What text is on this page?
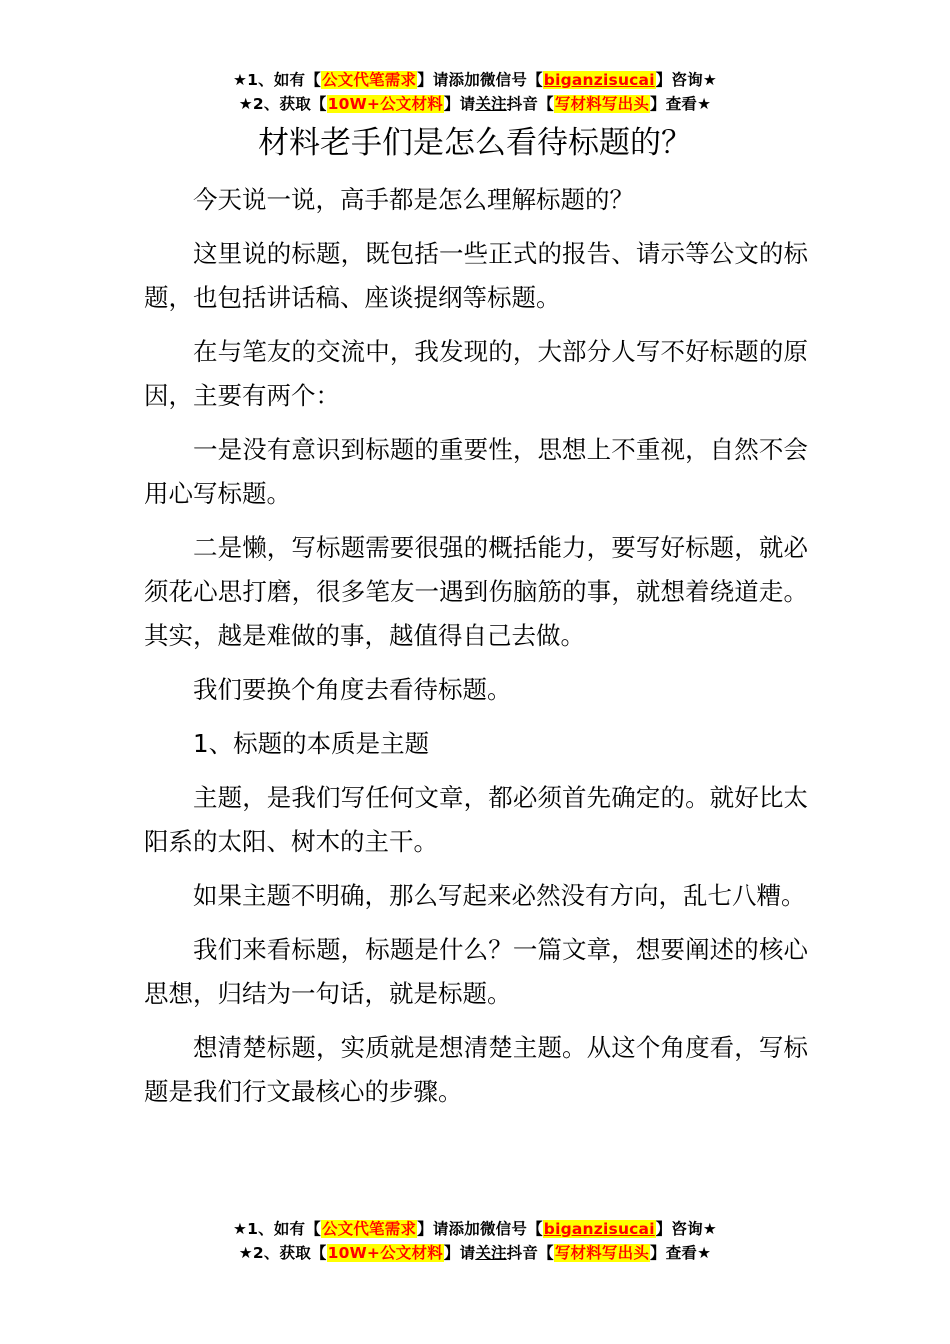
★1、如有【公文代笔需求】请添加微信号【biganzisucai】咨询★
★2、获取【10W+公文材料】请关注抖音【写材料写出头】查看★
材料老手们是怎么看待标题的？

今天说一说，高手都是怎么理解标题的？

这里说的标题，既包括一些正式的报告、请示等公文的标题，也包括讲话稿、座谈提纲等标题。

在与笔友的交流中，我发现的，大部分人写不好标题的原因，主要有两个：

一是没有意识到标题的重要性，思想上不重视，自然不会用心写标题。

二是懒，写标题需要很强的概括能力，要写好标题，就必须花心思打磨，很多笔友一遇到伤脑筋的事，就想着绕道走。其实，越是难做的事，越值得自己去做。

我们要换个角度去看待标题。

1、标题的本质是主题

主题，是我们写任何文章，都必须首先确定的。就好比太阳系的太阳、树木的主干。

如果主题不明确，那么写起来必然没有方向，乱七八糟。

我们来看标题，标题是什么？一篇文章，想要阐述的核心思想，归结为一句话，就是标题。

想清楚标题，实质就是想清楚主题。从这个角度看，写标题是我们行文最核心的步骤。

★1、如有【公文代笔需求】请添加微信号【biganzisucai】咨询★
★2、获取【10W+公文材料】请关注抖音【写材料写出头】查看★
